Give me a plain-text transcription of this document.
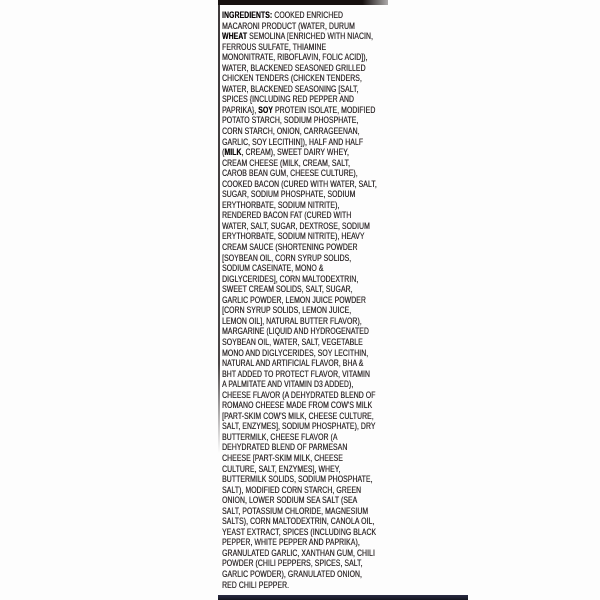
INGREDIENTS: COOKED ENRICHED
MACARONI PRODUCT (WATER, DURUM
WHEAT SEMOLINA [ENRICHED WITH NIACIN,
FERROUS SULFATE, THIAMINE
MONONITRATE, RIBOFLAVIN, FOLIC ACID]),
WATER, BLACKENED SEASONED GRILLED
CHICKEN TENDERS (CHICKEN TENDERS,
WATER, BLACKENED SEASONING [SALT,
SPICES {INCLUDING RED PEPPER AND
PAPRIKA}, SOY PROTEIN ISOLATE, MODIFIED
POTATO STARCH, SODIUM PHOSPHATE,
CORN STARCH, ONION, CARRAGEENAN,
GARLIC, SOY LECITHIN]), HALF AND HALF
(MILK, CREAM), SWEET DAIRY WHEY,
CREAM CHEESE (MILK, CREAM, SALT,
CAROB BEAN GUM, CHEESE CULTURE),
COOKED BACON (CURED WITH WATER, SALT,
SUGAR, SODIUM PHOSPHATE, SODIUM
ERYTHORBATE, SODIUM NITRITE),
RENDERED BACON FAT (CURED WITH
WATER, SALT, SUGAR, DEXTROSE, SODIUM
ERYTHORBATE, SODIUM NITRITE), HEAVY
CREAM SAUCE (SHORTENING POWDER
[SOYBEAN OIL, CORN SYRUP SOLIDS,
SODIUM CASEINATE, MONO &
DIGLYCERIDES], CORN MALTODEXTRIN,
SWEET CREAM SOLIDS, SALT, SUGAR,
GARLIC POWDER, LEMON JUICE POWDER
[CORN SYRUP SOLIDS, LEMON JUICE,
LEMON OIL], NATURAL BUTTER FLAVOR),
MARGARINE (LIQUID AND HYDROGENATED
SOYBEAN OIL, WATER, SALT, VEGETABLE
MONO AND DIGLYCERIDES, SOY LECITHIN,
NATURAL AND ARTIFICIAL FLAVOR, BHA &
BHT ADDED TO PROTECT FLAVOR, VITAMIN
A PALMITATE AND VITAMIN D3 ADDED),
CHEESE FLAVOR (A DEHYDRATED BLEND OF
ROMANO CHEESE MADE FROM COW'S MILK
[PART-SKIM COW'S MILK, CHEESE CULTURE,
SALT, ENZYMES], SODIUM PHOSPHATE), DRY
BUTTERMILK, CHEESE FLAVOR (A
DEHYDRATED BLEND OF PARMESAN
CHEESE [PART-SKIM MILK, CHEESE
CULTURE, SALT, ENZYMES], WHEY,
BUTTERMILK SOLIDS, SODIUM PHOSPHATE,
SALT), MODIFIED CORN STARCH, GREEN
ONION, LOWER SODIUM SEA SALT (SEA
SALT, POTASSIUM CHLORIDE, MAGNESIUM
SALTS), CORN MALTODEXTRIN, CANOLA OIL,
YEAST EXTRACT, SPICES (INCLUDING BLACK
PEPPER, WHITE PEPPER AND PAPRIKA),
GRANULATED GARLIC, XANTHAN GUM, CHILI
POWDER (CHILI PEPPERS, SPICES, SALT,
GARLIC POWDER), GRANULATED ONION,
RED CHILI PEPPER.
